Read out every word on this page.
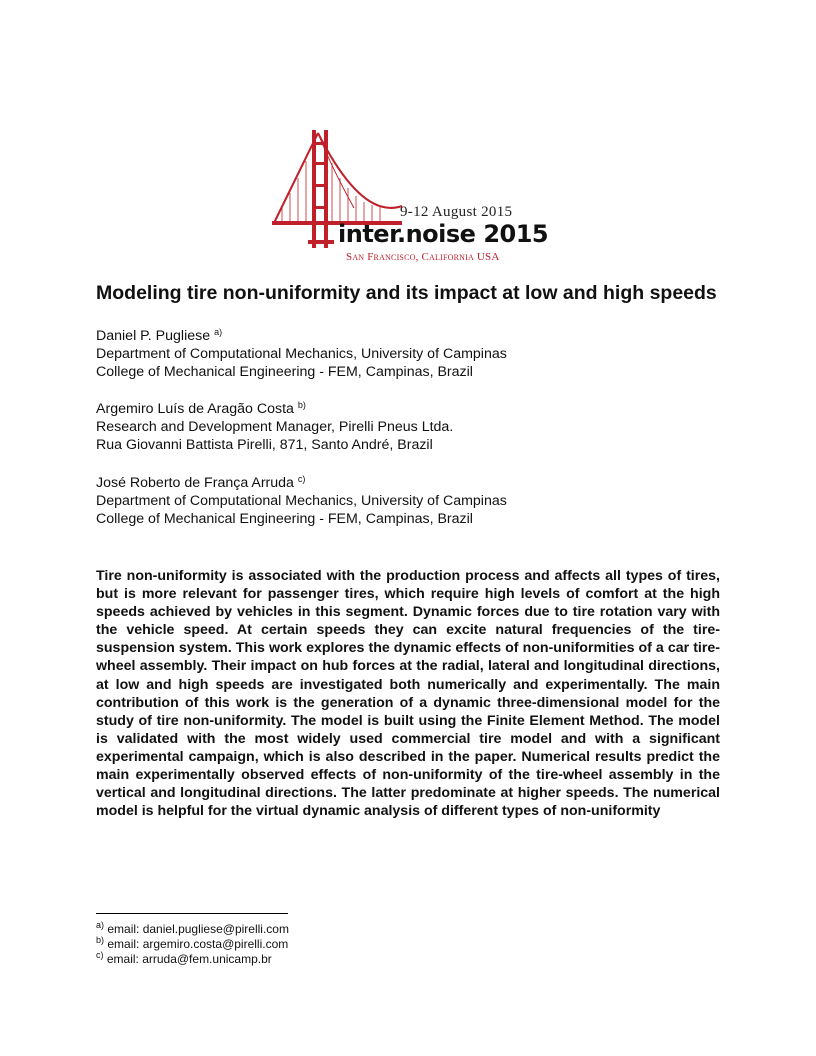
9-12 August 2015
inter.noise 2015
San Francisco, California USA
Modeling tire non-uniformity and its impact at low and high speeds
Daniel P. Pugliese $^{a)}$
Department of Computational Mechanics, University of Campinas
College of Mechanical Engineering - FEM, Campinas, Brazil
Argemiro Luís de Aragão Costa $^{b)}$
Research and Development Manager, Pirelli Pneus Ltda.
Rua Giovanni Battista Pirelli, 871, Santo André, Brazil
José Roberto de França Arruda $^{c)}$
Department of Computational Mechanics, University of Campinas
College of Mechanical Engineering - FEM, Campinas, Brazil

Tire non-uniformity is associated with the production process and affects all types of tires, but is more relevant for passenger tires, which require high levels of comfort at the high speeds achieved by vehicles in this segment. Dynamic forces due to tire rotation vary with the vehicle speed. At certain speeds they can excite natural frequencies of the tire-suspension system. This work explores the dynamic effects of non-uniformities of a car tire-wheel assembly. Their impact on hub forces at the radial, lateral and longitudinal directions, at low and high speeds are investigated both numerically and experimentally. The main contribution of this work is the generation of a dynamic three-dimensional model for the study of tire non-uniformity. The model is built using the Finite Element Method. The model is validated with the most widely used commercial tire model and with a significant experimental campaign, which is also described in the paper. Numerical results predict the main experimentally observed effects of non-uniformity of the tire-wheel assembly in the vertical and longitudinal directions. The latter predominate at higher speeds. The numerical model is helpful for the virtual dynamic analysis of different types of non-uniformity

$^{a)}$ email: daniel.pugliese@pirelli.com
$^{b)}$ email: argemiro.costa@pirelli.com
$^{c)}$ email: arruda@fem.unicamp.br
